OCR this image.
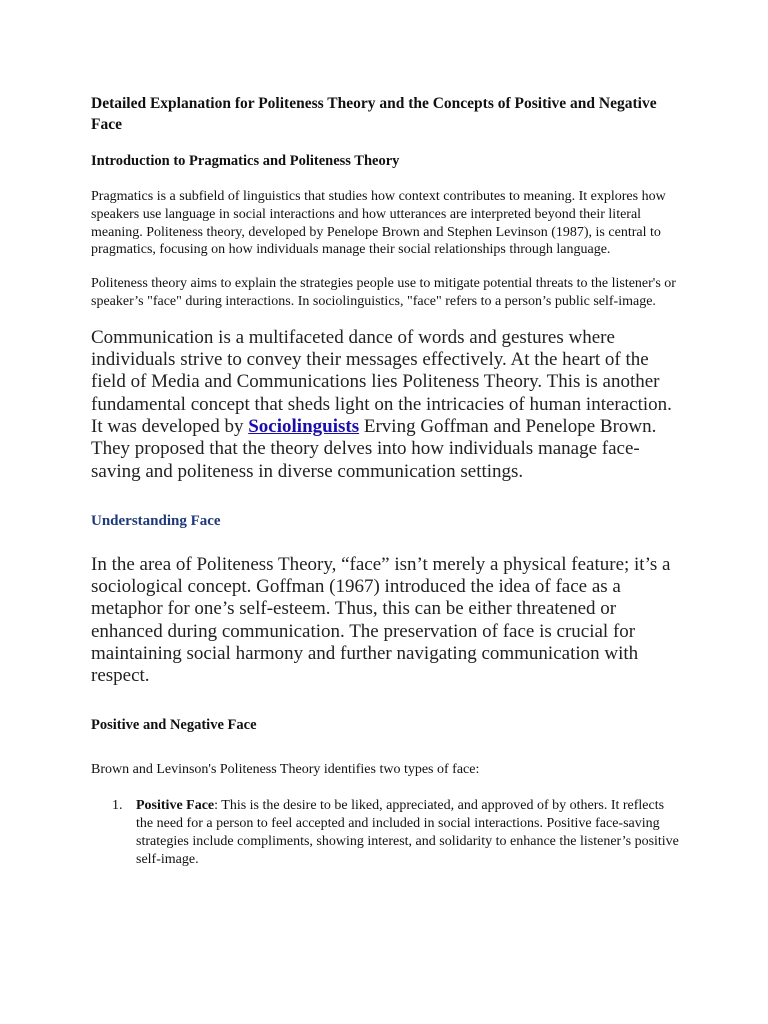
Detailed Explanation for Politeness Theory and the Concepts of Positive and Negative Face
Introduction to Pragmatics and Politeness Theory

Pragmatics is a subfield of linguistics that studies how context contributes to meaning. It explores how speakers use language in social interactions and how utterances are interpreted beyond their literal meaning. Politeness theory, developed by Penelope Brown and Stephen Levinson (1987), is central to pragmatics, focusing on how individuals manage their social relationships through language.

Politeness theory aims to explain the strategies people use to mitigate potential threats to the listener's or speaker’s "face" during interactions. In sociolinguistics, "face" refers to a person’s public self-image.

Communication is a multifaceted dance of words and gestures where individuals strive to convey their messages effectively. At the heart of the field of Media and Communications lies Politeness Theory. This is another fundamental concept that sheds light on the intricacies of human interaction. It was developed by Sociolinguists Erving Goffman and Penelope Brown. They proposed that the theory delves into how individuals manage face-saving and politeness in diverse communication settings.

Understanding Face

In the area of Politeness Theory, “face” isn’t merely a physical feature; it’s a sociological concept. Goffman (1967) introduced the idea of face as a metaphor for one’s self-esteem. Thus, this can be either threatened or enhanced during communication. The preservation of face is crucial for maintaining social harmony and further navigating communication with respect.

Positive and Negative Face

Brown and Levinson's Politeness Theory identifies two types of face:

1. Positive Face: This is the desire to be liked, appreciated, and approved of by others. It reflects the need for a person to feel accepted and included in social interactions. Positive face-saving strategies include compliments, showing interest, and solidarity to enhance the listener’s positive self-image.
